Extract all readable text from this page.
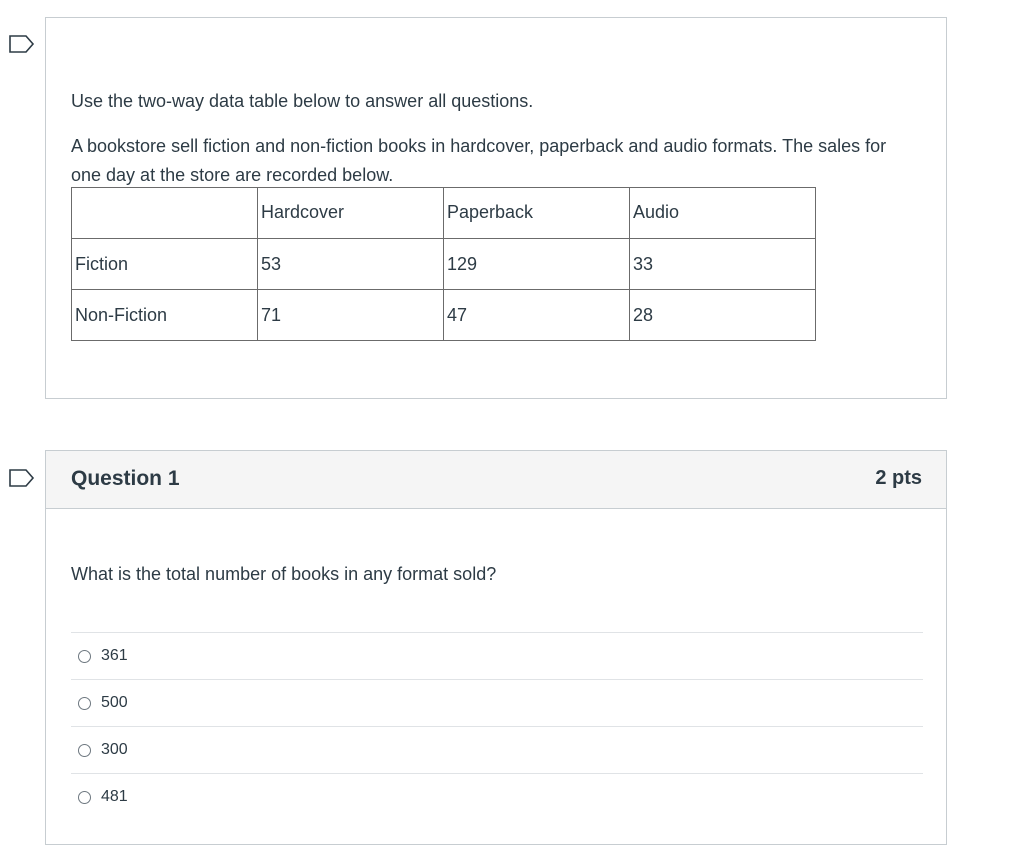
Use the two-way data table below to answer all questions.
A bookstore sell fiction and non-fiction books in hardcover, paperback and audio formats. The sales for one day at the store are recorded below.
	Hardcover	Paperback	Audio
Fiction	53	129	33
Non-Fiction	71	47	28
Question 1	2 pts
What is the total number of books in any format sold?
361
500
300
481
